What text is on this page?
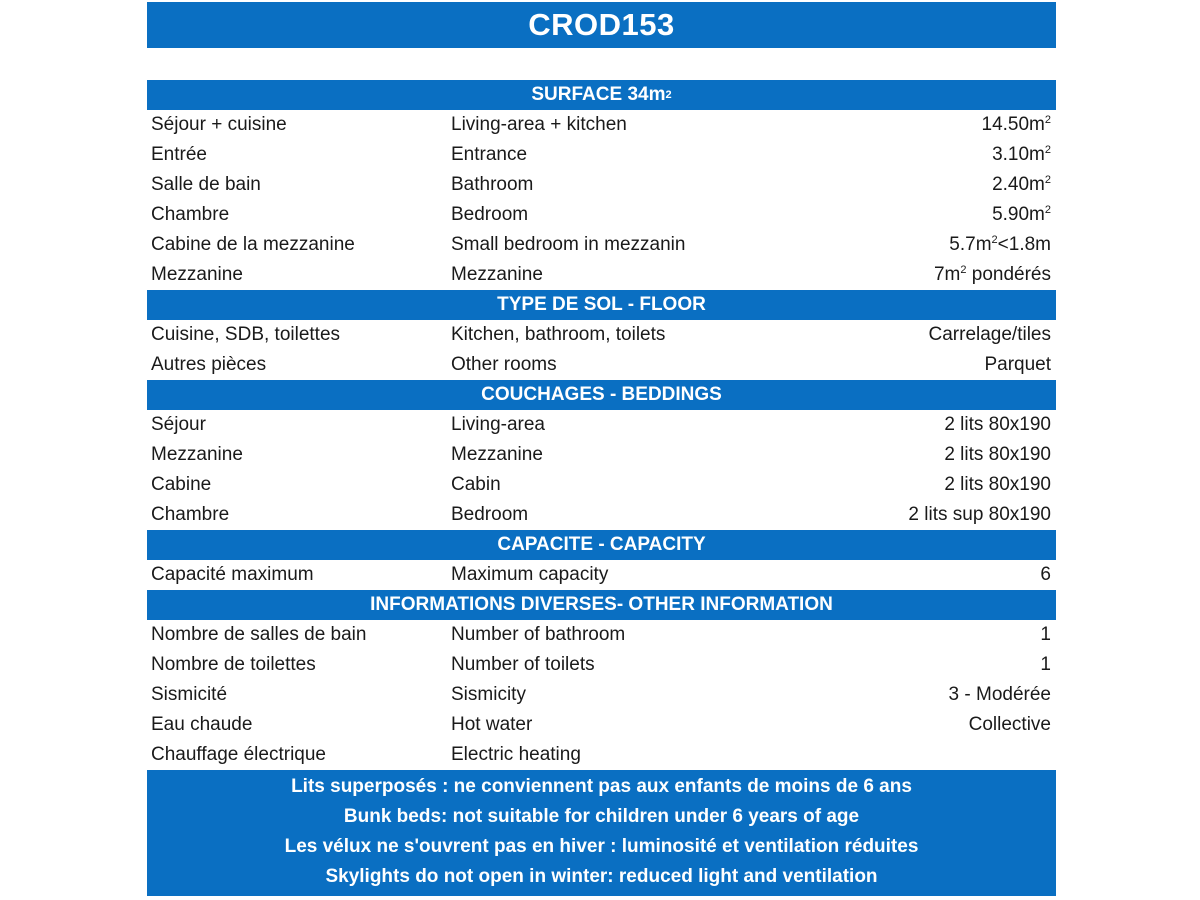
CROD153
SURFACE 34m 2
Séjour + cuisine	Living-area + kitchen	$14.50m^2$
Entrée	Entrance	$3.10m^2$
Salle de bain	Bathroom	$2.40m^2$
Chambre	Bedroom	$5.90m^2$
Cabine de la mezzanine	Small bedroom in mezzanin	$5.7m^2<1.8m$
Mezzanine	Mezzanine	$7m^2$ pondérés
TYPE DE SOL - FLOOR
Cuisine, SDB, toilettes	Kitchen, bathroom, toilets	Carrelage/tiles
Autres pièces	Other rooms	Parquet
COUCHAGES - BEDDINGS
Séjour	Living-area	2 lits 80x190
Mezzanine	Mezzanine	2 lits 80x190
Cabine	Cabin	2 lits 80x190
Chambre	Bedroom	2 lits sup 80x190
CAPACITE - CAPACITY
Capacité maximum	Maximum capacity	6
INFORMATIONS DIVERSES- OTHER INFORMATION
Nombre de salles de bain	Number of bathroom	1
Nombre de toilettes	Number of toilets	1
Sismicité	Sismicity	3 - Modérée
Eau chaude	Hot water	Collective
Chauffage électrique	Electric heating
Lits superposés : ne conviennent pas aux enfants de moins de 6 ans
Bunk beds: not suitable for children under 6 years of age
Les vélux ne s'ouvrent pas en hiver : luminosité et ventilation réduites
Skylights do not open in winter: reduced light and ventilation
